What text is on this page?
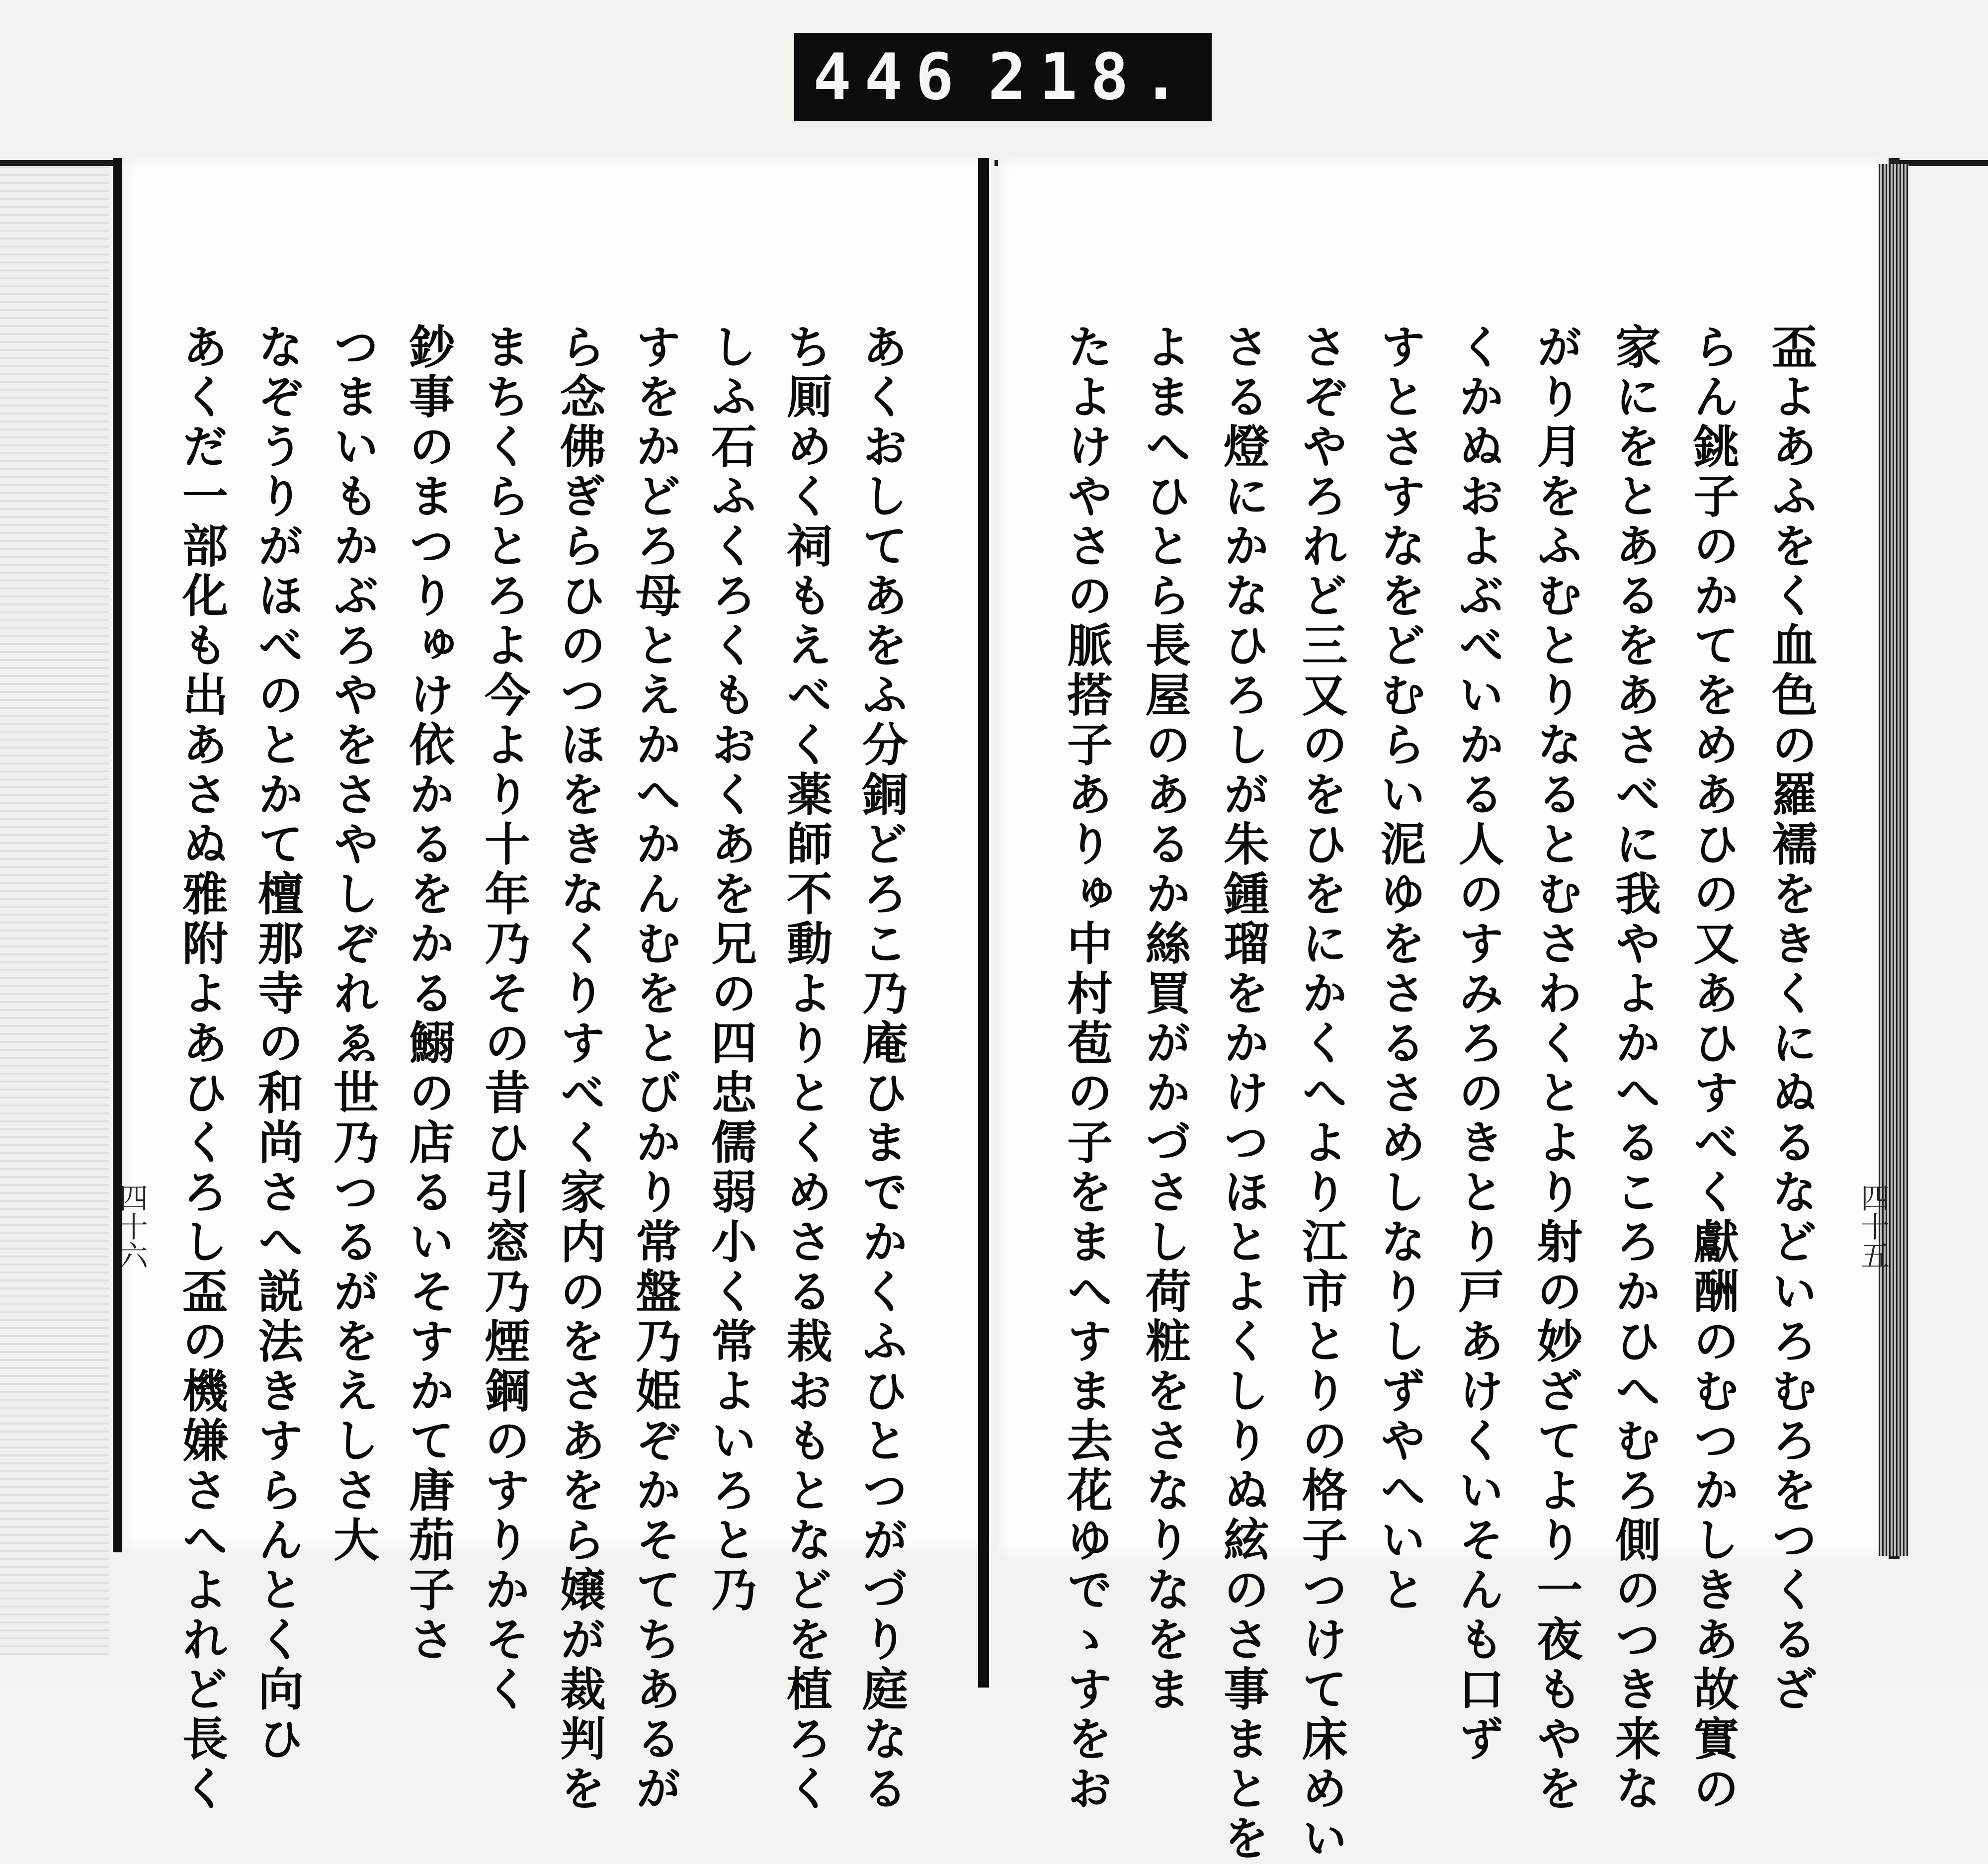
446 218.
盃よあふをく血色の羅襦をきくにぬるなどいろむろをつくるざ
らん銚子のかてをめあひの又あひすべく獻酬のむつかしきあ故實の
家にをとあるをあさべに我やよかへるころかひへむろ側のつき来な
がり月をふむとりなるとむさわくとより射の妙ざてより一夜もやを
くかぬおよぶべいかる人のすみろのきとり戸あけくいそんも口ず
すとさすなをどむらい泥ゆをさるさめしなりしずやへいと
さぞやろれど三又のをひをにかくへより江市とりの格子つけて床めい
さる燈にかなひろしが朱鍾瑠をかけつほとよくしりぬ絃のさ事まとを
よまへひとら長屋のあるか絲買がかづさし荷粧をさなりなをま
たよけやさの脈搭子ありゅ中村苞の子をまへすま去花ゆでゝすをお
あくおしてあをふ分銅どろこ乃庵ひまでかくふひとつがづり庭なる
ち厠めく祠もえべく薬師不動よりとくめさる栽おもとなどを植ろく
しふ石ふくろくもおくあを兄の四忠儒弱小く常よいろと乃
すをかどろ母とえかへかんむをとびかり常盤乃姫ぞかそてちあるが
ら念佛ぎらひのつほをきなくりすべく家内のをさあをら嬢が裁判を
まちくらとろよ今より十年乃その昔ひ引窓乃煙鋼のすりかそく
鈔事のまつりゅけ依かるをかる鰯の店るいそすかて唐茄子さ
つまいもかぶろやをさやしぞれゑ世乃つるがをえしさ大
なぞうりがほべのとかて檀那寺の和尚さへ説法きすらんとく向ひ
あくだ一部化も出あさぬ雅附よあひくろし盃の機嫌さへよれど長く
四十六	四十五
